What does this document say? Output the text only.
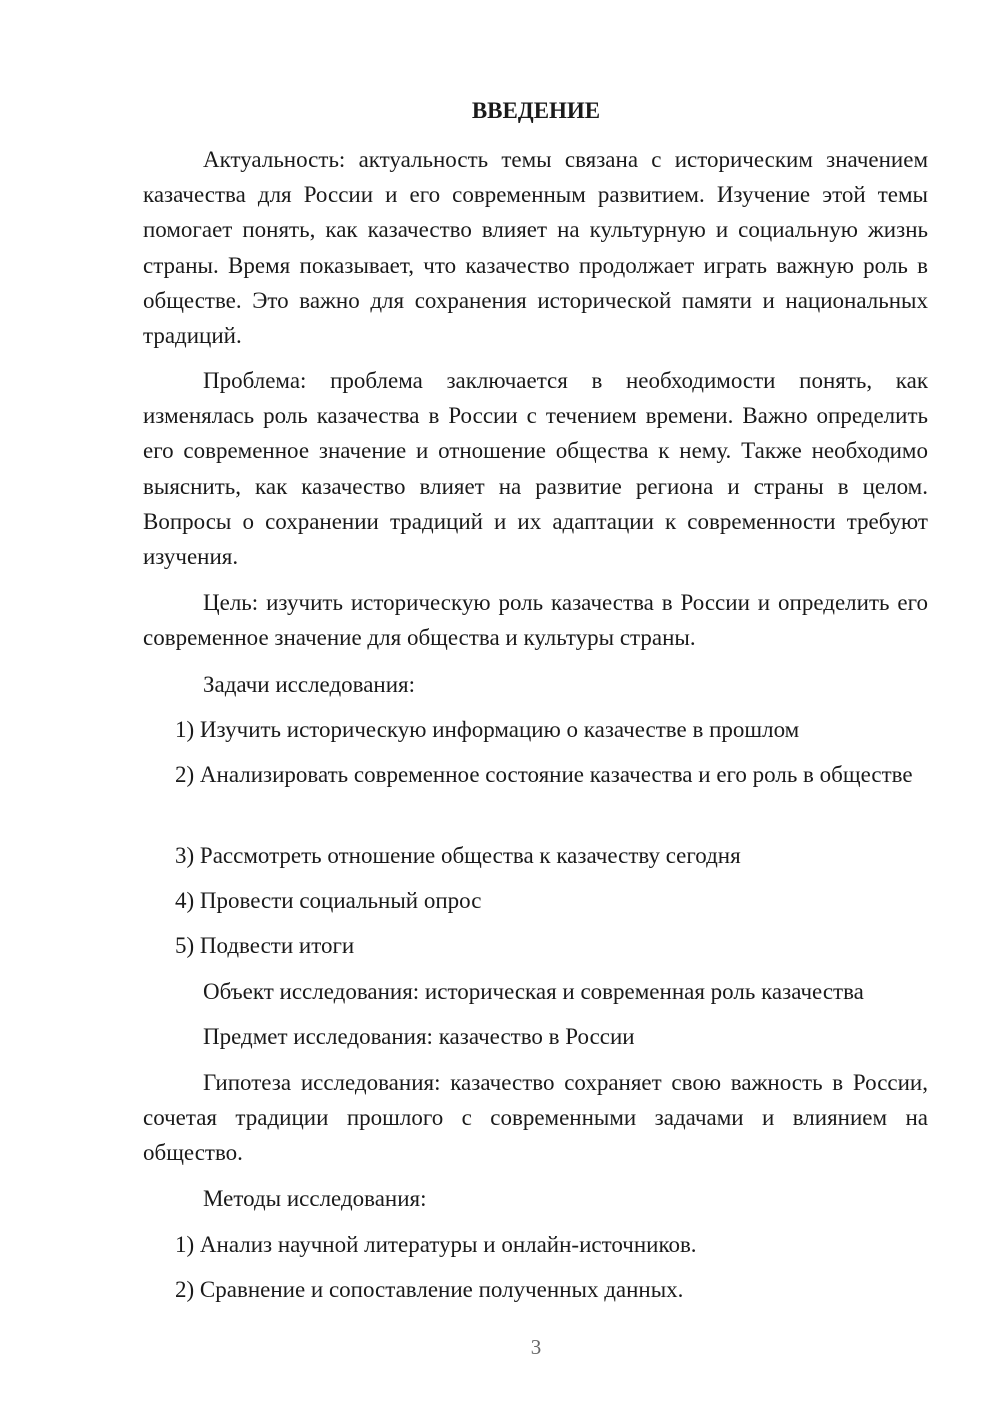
ВВЕДЕНИЕ

Актуальность: актуальность темы связана с историческим значением казачества для России и его современным развитием. Изучение этой темы помогает понять, как казачество влияет на культурную и социальную жизнь страны. Время показывает, что казачество продолжает играть важную роль в обществе. Это важно для сохранения исторической памяти и национальных традиций.

Проблема: проблема заключается в необходимости понять, как изменялась роль казачества в России с течением времени. Важно определить его современное значение и отношение общества к нему. Также необходимо выяснить, как казачество влияет на развитие региона и страны в целом. Вопросы о сохранении традиций и их адаптации к современности требуют изучения.

Цель: изучить историческую роль казачества в России и определить его современное значение для общества и культуры страны.

Задачи исследования:

1) Изучить историческую информацию о казачестве в прошлом

2) Анализировать современное состояние казачества и его роль в обществе

3) Рассмотреть отношение общества к казачеству сегодня

4) Провести социальный опрос

5) Подвести итоги

Объект исследования: историческая и современная роль казачества

Предмет исследования: казачество в России

Гипотеза исследования: казачество сохраняет свою важность в России, сочетая традиции прошлого с современными задачами и влиянием на общество.

Методы исследования:

1) Анализ научной литературы и онлайн-источников.

2) Сравнение и сопоставление полученных данных.

3
